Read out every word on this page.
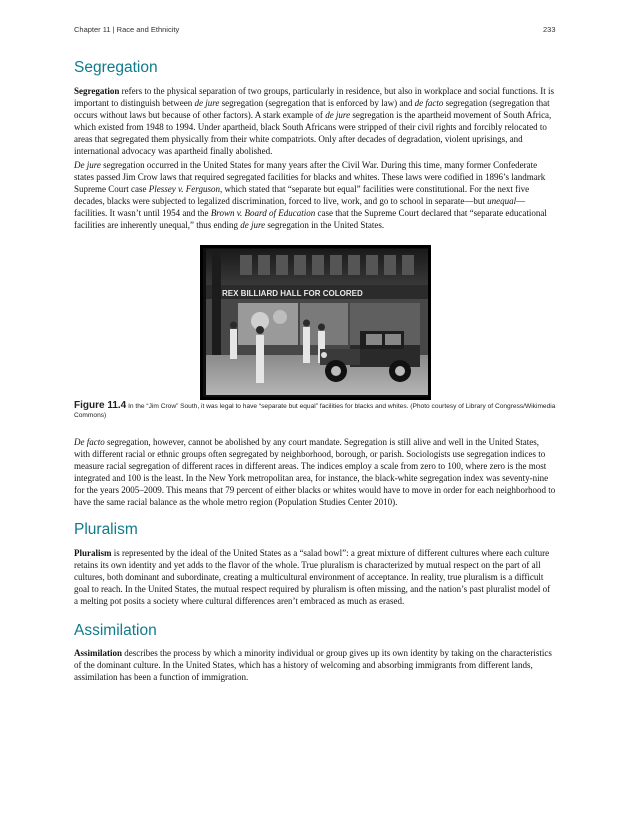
Chapter 11 | Race and Ethnicity	233
Segregation

Segregation refers to the physical separation of two groups, particularly in residence, but also in workplace and social functions. It is important to distinguish between de jure segregation (segregation that is enforced by law) and de facto segregation (segregation that occurs without laws but because of other factors). A stark example of de jure segregation is the apartheid movement of South Africa, which existed from 1948 to 1994. Under apartheid, black South Africans were stripped of their civil rights and forcibly relocated to areas that segregated them physically from their white compatriots. Only after decades of degradation, violent uprisings, and international advocacy was apartheid finally abolished.

De jure segregation occurred in the United States for many years after the Civil War. During this time, many former Confederate states passed Jim Crow laws that required segregated facilities for blacks and whites. These laws were codified in 1896’s landmark Supreme Court case Plessey v. Ferguson, which stated that “separate but equal” facilities were constitutional. For the next five decades, blacks were subjected to legalized discrimination, forced to live, work, and go to school in separate—but unequal—facilities. It wasn’t until 1954 and the Brown v. Board of Education case that the Supreme Court declared that “separate educational facilities are inherently unequal,” thus ending de jure segregation in the United States.

REX BILLIARD HALL FOR COLORED
Figure 11.4 In the “Jim Crow” South, it was legal to have “separate but equal” facilities for blacks and whites. (Photo courtesy of Library of Congress/Wikimedia Commons)

De facto segregation, however, cannot be abolished by any court mandate. Segregation is still alive and well in the United States, with different racial or ethnic groups often segregated by neighborhood, borough, or parish. Sociologists use segregation indices to measure racial segregation of different races in different areas. The indices employ a scale from zero to 100, where zero is the most integrated and 100 is the least. In the New York metropolitan area, for instance, the black-white segregation index was seventy-nine for the years 2005–2009. This means that 79 percent of either blacks or whites would have to move in order for each neighborhood to have the same racial balance as the whole metro region (Population Studies Center 2010).

Pluralism

Pluralism is represented by the ideal of the United States as a “salad bowl”: a great mixture of different cultures where each culture retains its own identity and yet adds to the flavor of the whole. True pluralism is characterized by mutual respect on the part of all cultures, both dominant and subordinate, creating a multicultural environment of acceptance. In reality, true pluralism is a difficult goal to reach. In the United States, the mutual respect required by pluralism is often missing, and the nation’s past pluralist model of a melting pot posits a society where cultural differences aren’t embraced as much as erased.

Assimilation

Assimilation describes the process by which a minority individual or group gives up its own identity by taking on the characteristics of the dominant culture. In the United States, which has a history of welcoming and absorbing immigrants from different lands, assimilation has been a function of immigration.
